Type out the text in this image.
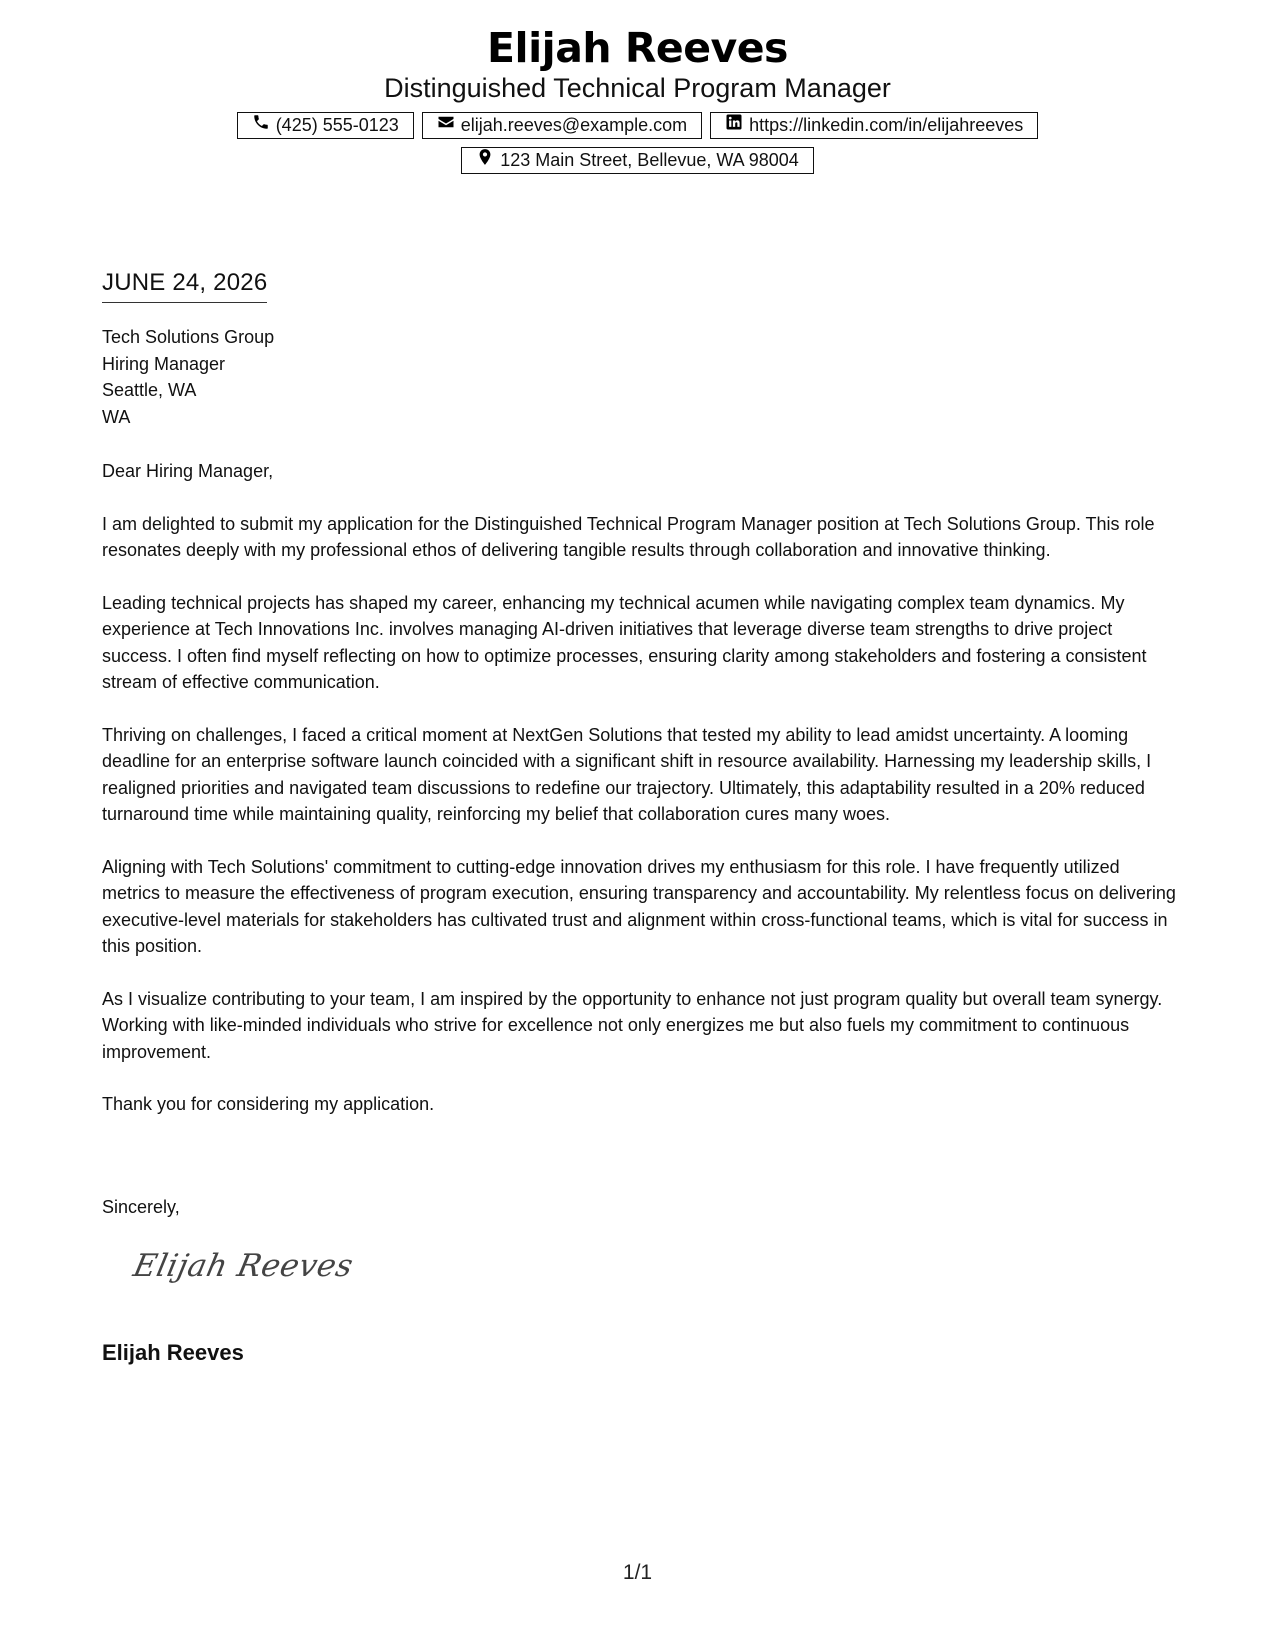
Elijah Reeves
Distinguished Technical Program Manager
(425) 555-0123	elijah.reeves@example.com	https://linkedin.com/in/elijahreeves
123 Main Street, Bellevue, WA 98004
JUNE 24, 2026
Tech Solutions Group
Hiring Manager
Seattle, WA
WA

Dear Hiring Manager,

I am delighted to submit my application for the Distinguished Technical Program Manager position at Tech Solutions Group. This role resonates deeply with my professional ethos of delivering tangible results through collaboration and innovative thinking.

Leading technical projects has shaped my career, enhancing my technical acumen while navigating complex team dynamics. My experience at Tech Innovations Inc. involves managing AI-driven initiatives that leverage diverse team strengths to drive project success. I often find myself reflecting on how to optimize processes, ensuring clarity among stakeholders and fostering a consistent stream of effective communication.

Thriving on challenges, I faced a critical moment at NextGen Solutions that tested my ability to lead amidst uncertainty. A looming deadline for an enterprise software launch coincided with a significant shift in resource availability. Harnessing my leadership skills, I realigned priorities and navigated team discussions to redefine our trajectory. Ultimately, this adaptability resulted in a 20% reduced turnaround time while maintaining quality, reinforcing my belief that collaboration cures many woes.

Aligning with Tech Solutions' commitment to cutting-edge innovation drives my enthusiasm for this role. I have frequently utilized metrics to measure the effectiveness of program execution, ensuring transparency and accountability. My relentless focus on delivering executive-level materials for stakeholders has cultivated trust and alignment within cross-functional teams, which is vital for success in this position.

As I visualize contributing to your team, I am inspired by the opportunity to enhance not just program quality but overall team synergy. Working with like-minded individuals who strive for excellence not only energizes me but also fuels my commitment to continuous improvement.

Thank you for considering my application.

Sincerely,
Elijah Reeves
Elijah Reeves
1/1
